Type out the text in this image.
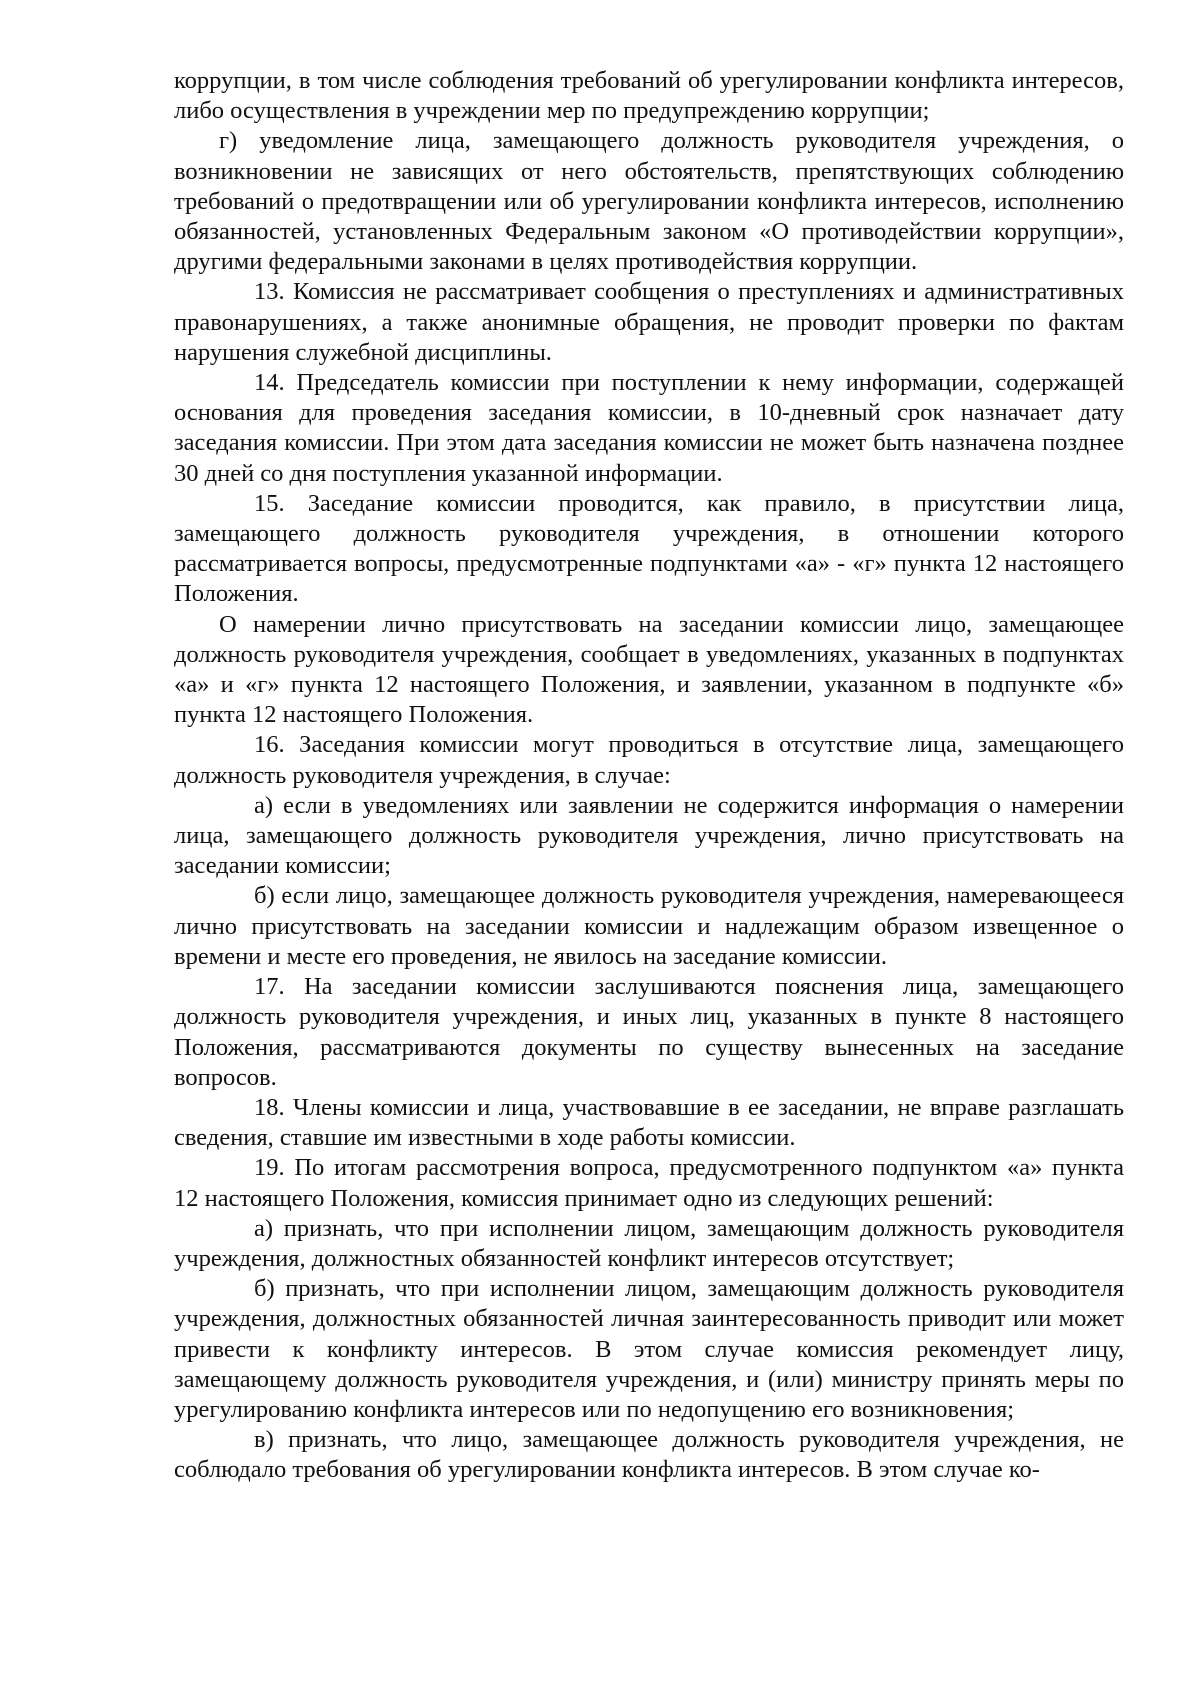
коррупции, в том числе соблюдения требований об урегулировании конфликта интересов, либо осуществления в учреждении мер по предупреждению коррупции;

г) уведомление лица, замещающего должность руководителя учреждения, о возникновении не зависящих от него обстоятельств, препятствующих соблюдению требований о предотвращении или об урегулировании конфликта интересов, исполнению обязанностей, установленных Федеральным законом «О противодействии коррупции», другими федеральными законами в целях противодействия коррупции.

13. Комиссия не рассматривает сообщения о преступлениях и административных правонарушениях, а также анонимные обращения, не проводит проверки по фактам нарушения служебной дисциплины.

14. Председатель комиссии при поступлении к нему информации, содержащей основания для проведения заседания комиссии, в 10-дневный срок назначает дату заседания комиссии. При этом дата заседания комиссии не может быть назначена позднее 30 дней со дня поступления указанной информации.

15. Заседание комиссии проводится, как правило, в присутствии лица, замещающего должность руководителя учреждения, в отношении которого рассматривается вопросы, предусмотренные подпунктами «а» - «г» пункта 12 настоящего Положения.

О намерении лично присутствовать на заседании комиссии лицо, замещающее должность руководителя учреждения, сообщает в уведомлениях, указанных в подпунктах «а» и «г» пункта 12 настоящего Положения, и заявлении, указанном в подпункте «б» пункта 12 настоящего Положения.

16. Заседания комиссии могут проводиться в отсутствие лица, замещающего должность руководителя учреждения, в случае:

а) если в уведомлениях или заявлении не содержится информация о намерении лица, замещающего должность руководителя учреждения, лично присутствовать на заседании комиссии;

б) если лицо, замещающее должность руководителя учреждения, намеревающееся лично присутствовать на заседании комиссии и надлежащим образом извещенное о времени и месте его проведения, не явилось на заседание комиссии.

17. На заседании комиссии заслушиваются пояснения лица, замещающего должность руководителя учреждения, и иных лиц, указанных в пункте 8 настоящего Положения, рассматриваются документы по существу вынесенных на заседание вопросов.

18. Члены комиссии и лица, участвовавшие в ее заседании, не вправе разглашать сведения, ставшие им известными в ходе работы комиссии.

19. По итогам рассмотрения вопроса, предусмотренного подпунктом «а» пункта 12 настоящего Положения, комиссия принимает одно из следующих решений:

а) признать, что при исполнении лицом, замещающим должность руководителя учреждения, должностных обязанностей конфликт интересов отсутствует;

б) признать, что при исполнении лицом, замещающим должность руководителя учреждения, должностных обязанностей личная заинтересованность приводит или может привести к конфликту интересов. В этом случае комиссия рекомендует лицу, замещающему должность руководителя учреждения, и (или) министру принять меры по урегулированию конфликта интересов или по недопущению его возникновения;

в) признать, что лицо, замещающее должность руководителя учреждения, не соблюдало требования об урегулировании конфликта интересов. В этом случае ко-
